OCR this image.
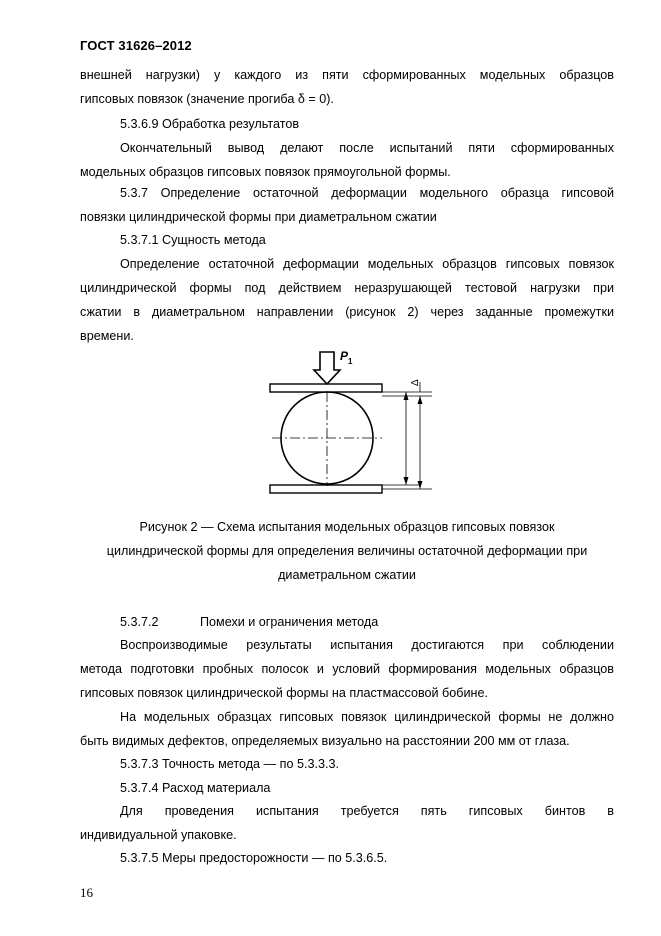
ГОСТ 31626–2012
внешней нагрузки) у каждого из пяти сформированных модельных образцов
гипсовых повязок (значение прогиба δ = 0).
5.3.6.9 Обработка результатов
Окончательный вывод делают после испытаний пяти сформированных
модельных образцов гипсовых повязок прямоугольной формы.
5.3.7 Определение остаточной деформации модельного образца гипсовой
повязки цилиндрической формы при диаметральном сжатии
5.3.7.1 Сущность метода
Определение остаточной деформации модельных образцов гипсовых повязок
цилиндрической формы под действием неразрушающей тестовой нагрузки при
сжатии в диаметральном направлении (рисунок 2) через заданные промежутки
времени.
P 1
Δ
Рисунок 2 — Схема испытания модельных образцов гипсовых повязок
цилиндрической формы для определения величины остаточной деформации при
диаметральном сжатии
5.3.7.2	Помехи и ограничения метода
Воспроизводимые результаты испытания достигаются при соблюдении
метода подготовки пробных полосок и условий формирования модельных образцов
гипсовых повязок цилиндрической формы на пластмассовой бобине.
На модельных образцах гипсовых повязок цилиндрической формы не должно
быть видимых дефектов, определяемых визуально на расстоянии 200 мм от глаза.
5.3.7.3 Точность метода — по 5.3.3.3.
5.3.7.4 Расход материала
Для проведения испытания требуется пять гипсовых бинтов в
индивидуальной упаковке.
5.3.7.5 Меры предосторожности — по 5.3.6.5.
16
